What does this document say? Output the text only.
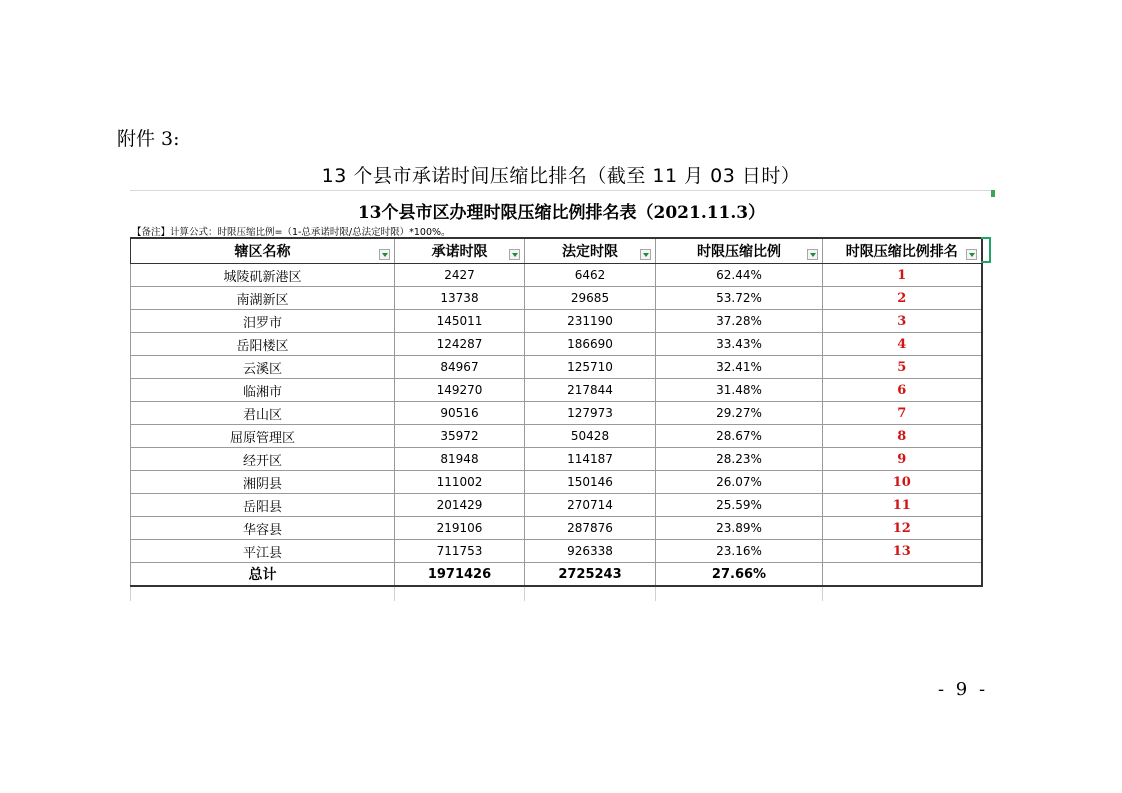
附件 3:
13 个县市承诺时间压缩比排名（截至 11 月 03 日时）
13个县市区办理时限压缩比例排名表（2021.11.3）
【备注】计算公式：时限压缩比例=（1-总承诺时限/总法定时限）*100%。
辖区名称	承诺时限	法定时限	时限压缩比例	时限压缩比例排名

城陵矶新港区	2427	6462	62.44%	1
南湖新区	13738	29685	53.72%	2
汨罗市	145011	231190	37.28%	3
岳阳楼区	124287	186690	33.43%	4
云溪区	84967	125710	32.41%	5
临湘市	149270	217844	31.48%	6
君山区	90516	127973	29.27%	7
屈原管理区	35972	50428	28.67%	8
经开区	81948	114187	28.23%	9
湘阴县	111002	150146	26.07%	10
岳阳县	201429	270714	25.59%	11
华容县	219106	287876	23.89%	12
平江县	711753	926338	23.16%	13
总计	1971426	2725243	27.66%	

- 9 -
